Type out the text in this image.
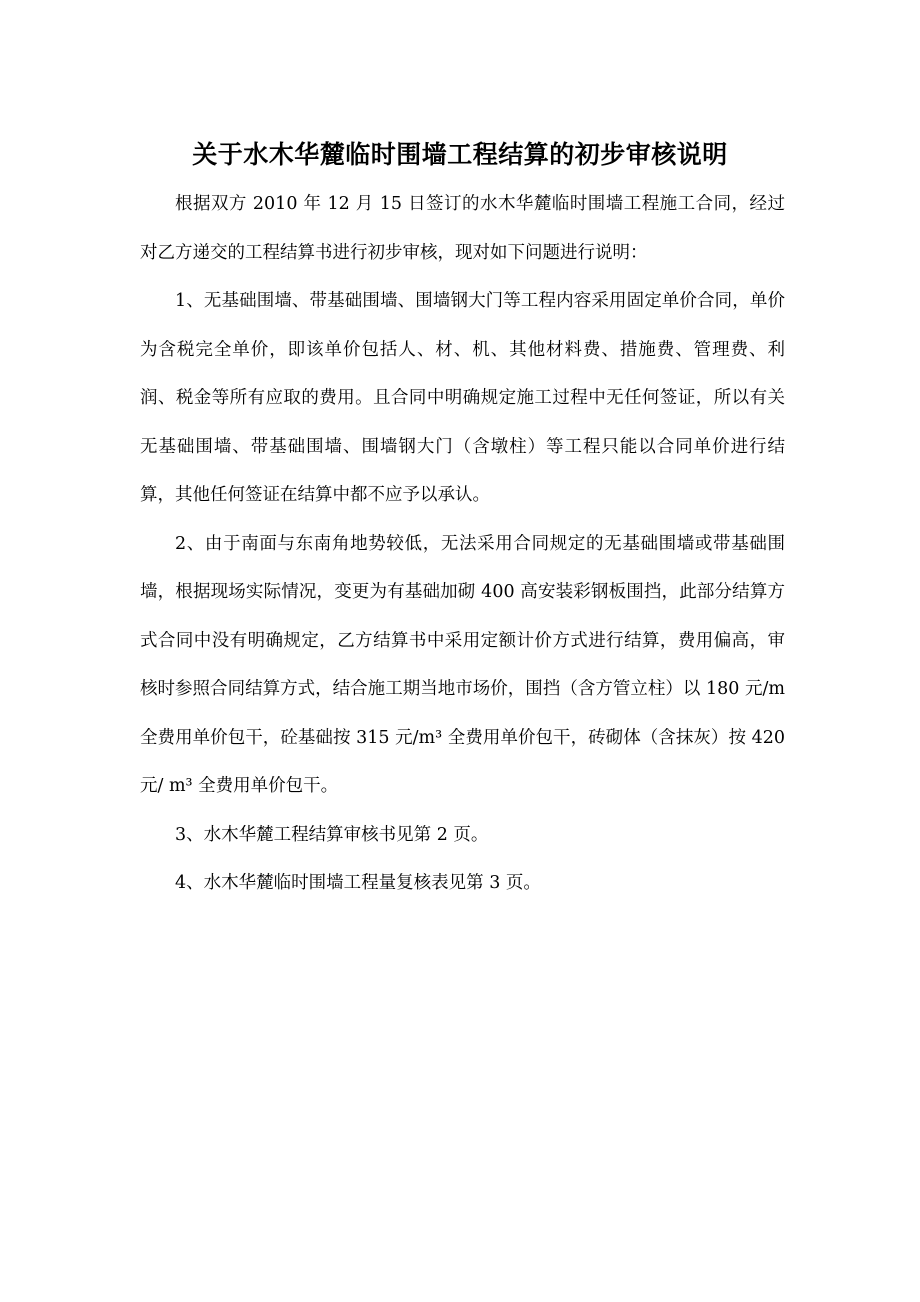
关于水木华麓临时围墙工程结算的初步审核说明

根据双方 2010 年 12 月 15 日签订的水木华麓临时围墙工程施工合同，经过对乙方递交的工程结算书进行初步审核，现对如下问题进行说明：

1、无基础围墙、带基础围墙、围墙钢大门等工程内容采用固定单价合同，单价为含税完全单价，即该单价包括人、材、机、其他材料费、措施费、管理费、利润、税金等所有应取的费用。且合同中明确规定施工过程中无任何签证，所以有关无基础围墙、带基础围墙、围墙钢大门（含墩柱）等工程只能以合同单价进行结算，其他任何签证在结算中都不应予以承认。

2、由于南面与东南角地势较低，无法采用合同规定的无基础围墙或带基础围墙，根据现场实际情况，变更为有基础加砌 400 高安装彩钢板围挡，此部分结算方式合同中没有明确规定，乙方结算书中采用定额计价方式进行结算，费用偏高，审核时参照合同结算方式，结合施工期当地市场价，围挡（含方管立柱）以 180 元/m 全费用单价包干，砼基础按 315 元/m³ 全费用单价包干，砖砌体（含抹灰）按 420 元/ m³ 全费用单价包干。

3、水木华麓工程结算审核书见第 2 页。

4、水木华麓临时围墙工程量复核表见第 3 页。
